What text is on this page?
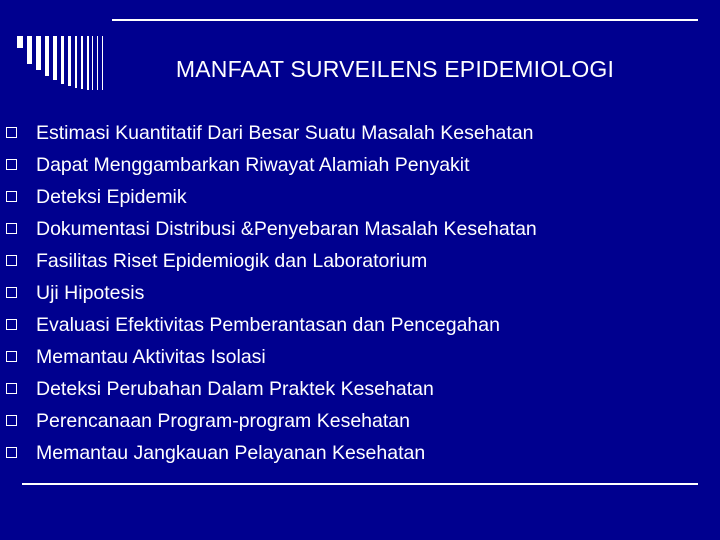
MANFAAT SURVEILENS EPIDEMIOLOGI
Estimasi Kuantitatif Dari Besar Suatu Masalah Kesehatan
Dapat Menggambarkan Riwayat Alamiah Penyakit
Deteksi Epidemik
Dokumentasi Distribusi &Penyebaran Masalah Kesehatan
Fasilitas Riset Epidemiogik dan Laboratorium
Uji Hipotesis
Evaluasi Efektivitas Pemberantasan dan Pencegahan
Memantau Aktivitas Isolasi
Deteksi Perubahan Dalam Praktek Kesehatan
Perencanaan Program-program Kesehatan
Memantau Jangkauan Pelayanan Kesehatan
